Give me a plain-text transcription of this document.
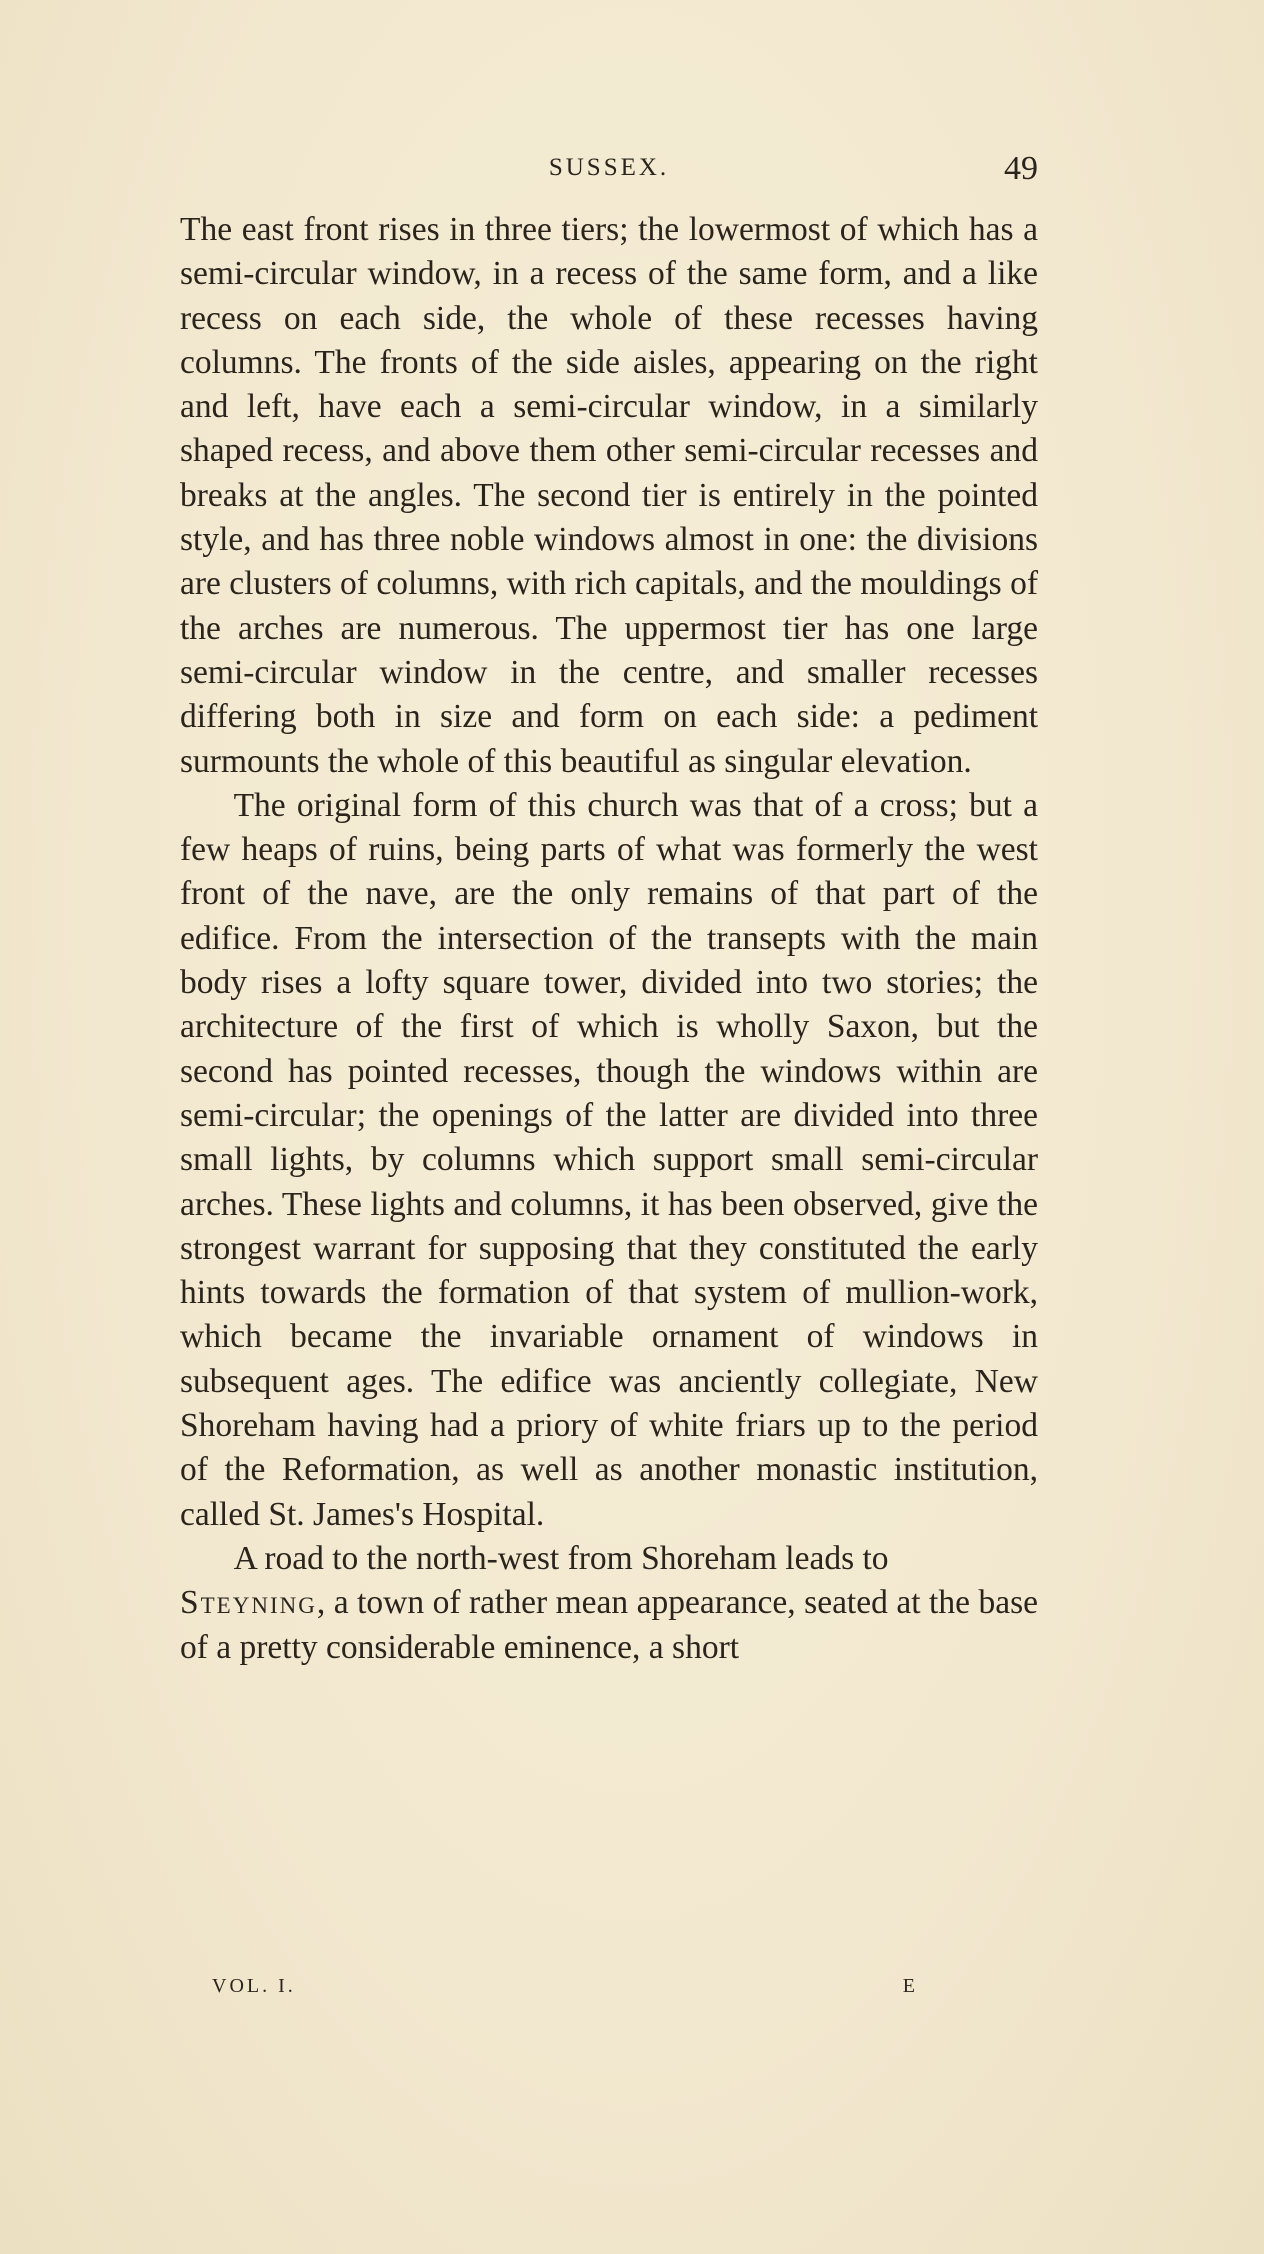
SUSSEX.	49

The east front rises in three tiers; the lowermost of which has a semi-circular window, in a recess of the same form, and a like recess on each side, the whole of these recesses having columns. The fronts of the side aisles, appearing on the right and left, have each a semi-circular window, in a similarly shaped recess, and above them other semi-circular recesses and breaks at the angles. The second tier is entirely in the pointed style, and has three noble windows almost in one: the divisions are clusters of columns, with rich capitals, and the mouldings of the arches are numerous. The uppermost tier has one large semi-circular window in the centre, and smaller recesses differing both in size and form on each side: a pediment surmounts the whole of this beautiful as singular elevation.

The original form of this church was that of a cross; but a few heaps of ruins, being parts of what was formerly the west front of the nave, are the only remains of that part of the edifice. From the intersection of the transepts with the main body rises a lofty square tower, divided into two stories; the architecture of the first of which is wholly Saxon, but the second has pointed recesses, though the windows within are semi-circular; the openings of the latter are divided into three small lights, by columns which support small semi-circular arches. These lights and columns, it has been observed, give the strongest warrant for supposing that they constituted the early hints towards the formation of that system of mullion-work, which became the invariable ornament of windows in subsequent ages. The edifice was anciently collegiate, New Shoreham having had a priory of white friars up to the period of the Reformation, as well as another monastic institution, called St. James's Hospital.

A road to the north-west from Shoreham leads to
Steyning, a town of rather mean appearance, seated at the base of a pretty considerable eminence, a short

VOL. I.	E
